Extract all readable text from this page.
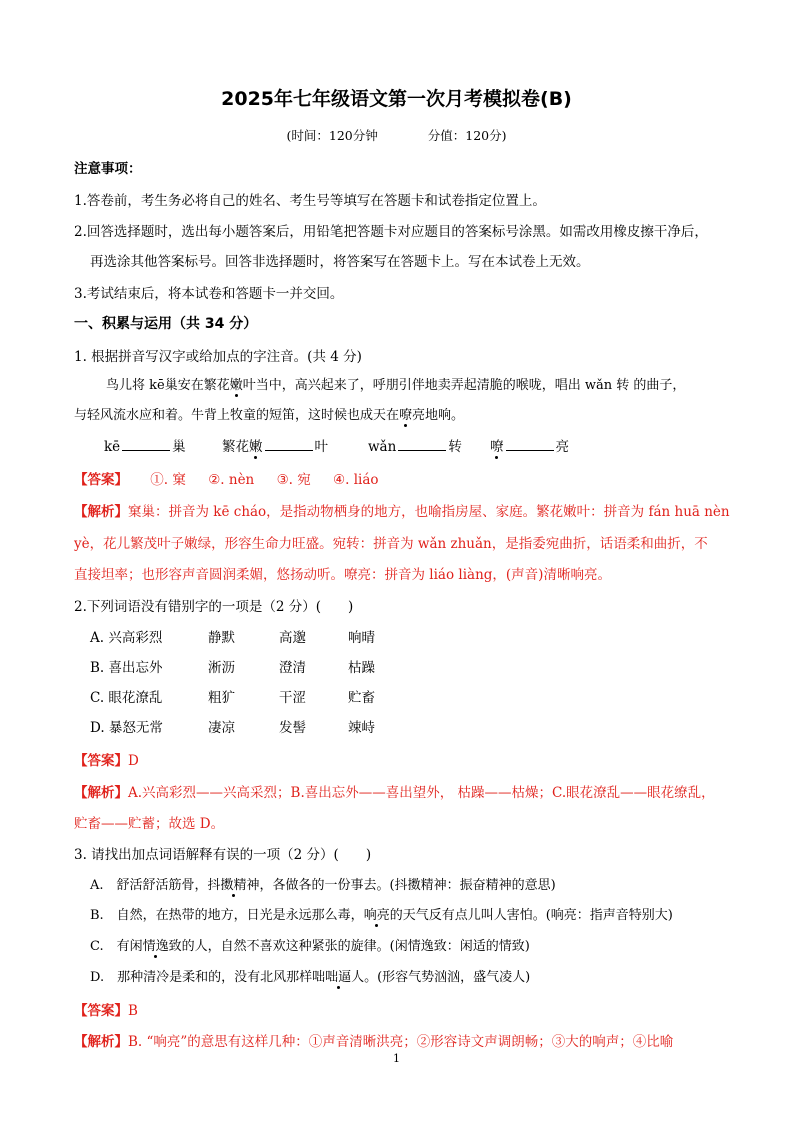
2025年七年级语文第一次月考模拟卷(B)
(时间：120分钟	分值：120分)
注意事项：
1.答卷前，考生务必将自己的姓名、考生号等填写在答题卡和试卷指定位置上。
2.回答选择题时，选出每小题答案后，用铅笔把答题卡对应题目的答案标号涂黑。如需改用橡皮擦干净后，
再选涂其他答案标号。回答非选择题时，将答案写在答题卡上。写在本试卷上无效。
3.考试结束后，将本试卷和答题卡一并交回。
一、积累与运用（共 34 分）
1. 根据拼音写汉字或给加点的字注音。(共 4 分)
鸟儿将 kē巢安在繁花嫩叶当中，高兴起来了，呼朋引伴地卖弄起清脆的喉咙，唱出 wǎn 转 的曲子，
与轻风流水应和着。牛背上牧童的短笛，这时候也成天在嘹亮地响。
kē	巢	繁花嫩	叶	wǎn	转 嘹	亮
【答案】 ①. 窠 ②. nèn ③. 宛 ④. liáo
【解析】窠巢：拼音为 kē cháo，是指动物栖身的地方，也喻指房屋、家庭。繁花嫩叶：拼音为 fán huā nèn
yè，花儿繁茂叶子嫩绿，形容生命力旺盛。宛转：拼音为 wǎn zhuǎn，是指委宛曲折，话语柔和曲折，不
直接坦率；也形容声音圆润柔媚，悠扬动听。嘹亮：拼音为 liáo liàng，(声音)清晰响亮。
2.下列词语没有错别字的一项是（2 分）(　　)
A. 兴高彩烈	静默	高邈	响晴
B. 喜出忘外	淅沥	澄清	枯躁
C. 眼花潦乱	粗犷	干涩	贮畜
D. 暴怒无常	凄凉	发髻	竦峙
【答案】D
【解析】A.兴高彩烈——兴高采烈；B.喜出忘外——喜出望外， 枯躁——枯燥；C.眼花潦乱——眼花缭乱，
贮畜——贮蓄；故选 D。
3. 请找出加点词语解释有误的一项（2 分）(　　)
A.　舒活舒活筋骨，抖擞精神，各做各的一份事去。(抖擞精神：振奋精神的意思)
B.　自然，在热带的地方，日光是永远那么毒，响亮的天气反有点儿叫人害怕。(响亮：指声音特别大)
C.　有闲情逸致的人，自然不喜欢这种紧张的旋律。(闲情逸致：闲适的情致)
D.　那种清冷是柔和的，没有北风那样咄咄逼人。(形容气势汹汹，盛气凌人)
【答案】B
【解析】B. “响亮”的意思有这样几种：①声音清晰洪亮；②形容诗文声调朗畅；③大的响声；④比喻
1
